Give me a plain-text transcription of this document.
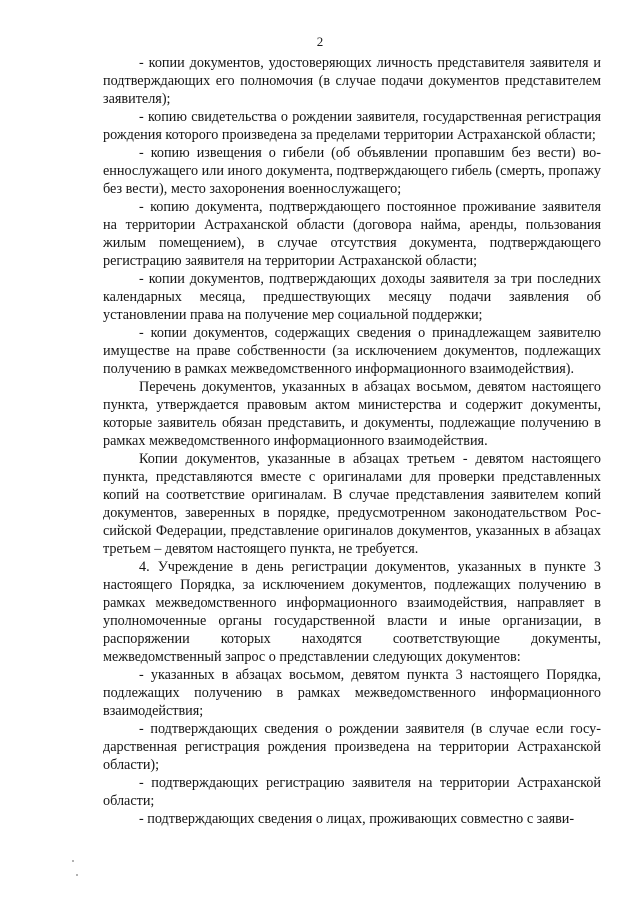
2

- копии документов, удостоверяющих личность представителя заявителя и подтверждающих его полномочия (в случае подачи документов представителем заявителя);

- копию свидетельства о рождении заявителя, государственная регистрация рождения которого произведена за пределами территории Астраханской области;

- копию извещения о гибели (об объявлении пропавшим без вести) военнослужащего или иного документа, подтверждающего гибель (смерть, пропажу без вести), место захоронения военнослужащего;

- копию документа, подтверждающего постоянное проживание заявителя на территории Астраханской области (договора найма, аренды, пользования жилым помещением), в случае отсутствия документа, подтверждающего регистрацию заявителя на территории Астраханской области;

- копии документов, подтверждающих доходы заявителя за три последних календарных месяца, предшествующих месяцу подачи заявления об установлении права на получение мер социальной поддержки;

- копии документов, содержащих сведения о принадлежащем заявителю имуществе на праве собственности (за исключением документов, подлежащих получению в рамках межведомственного информационного взаимодействия).

Перечень документов, указанных в абзацах восьмом, девятом настоящего пункта, утверждается правовым актом министерства и содержит документы, которые заявитель обязан представить, и документы, подлежащие получению в рамках межведомственного информационного взаимодействия.

Копии документов, указанные в абзацах третьем - девятом настоящего пункта, представляются вместе с оригиналами для проверки представленных копий на соответствие оригиналам. В случае представления заявителем копий документов, заверенных в порядке, предусмотренном законодательством Российской Федерации, представление оригиналов документов, указанных в абзацах третьем – девятом настоящего пункта, не требуется.

4. Учреждение в день регистрации документов, указанных в пункте 3 настоящего Порядка, за исключением документов, подлежащих получению в рамках межведомственного информационного взаимодействия, направляет в уполномоченные органы государственной власти и иные организации, в распоряжении которых находятся соответствующие документы, межведомственный запрос о представлении следующих документов:

- указанных в абзацах восьмом, девятом пункта 3 настоящего Порядка, подлежащих получению в рамках межведомственного информационного взаимодействия;

- подтверждающих сведения о рождении заявителя (в случае если государственная регистрация рождения произведена на территории Астраханской области);

- подтверждающих регистрацию заявителя на территории Астраханской области;

- подтверждающих сведения о лицах, проживающих совместно с заяви-
